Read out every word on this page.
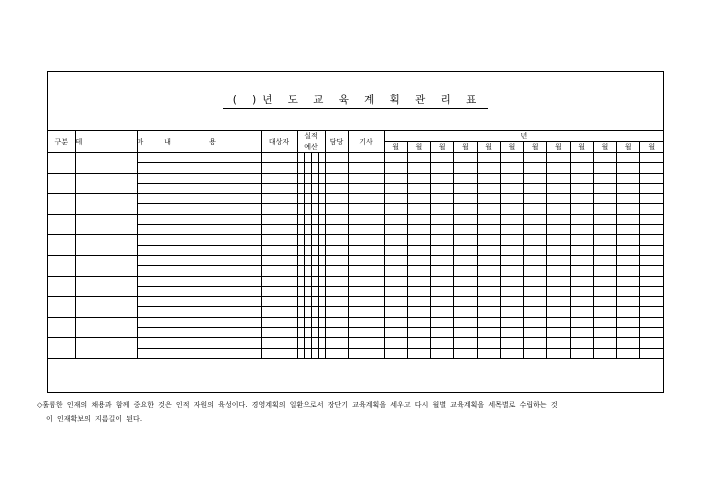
( )년 도 교 육 계 획 관 리 표
구분	테 마	내 용	대상자	실적				담당	기사	년											
				예산						월	월	월	월	월	월	월	월	월	월	월	월

◇훌륭한 인재의 채용과 함께 중요한 것은 인적 자원의 육성이다. 경영계획의 일환으로서 장단기 교육계획을 세우고 다시 월별 교육계획을 세목별로 수립하는 것
이 인재확보의 지름길이 된다.
